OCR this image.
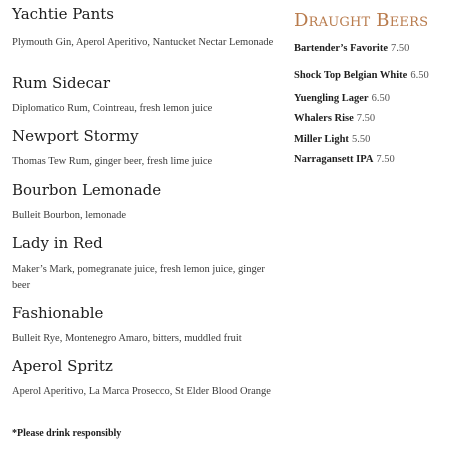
Yachtie Pants

Plymouth Gin, Aperol Aperitivo, Nantucket Nectar Lemonade

Rum Sidecar

Diplomatico Rum, Cointreau, fresh lemon juice

Newport Stormy

Thomas Tew Rum, ginger beer, fresh lime juice

Bourbon Lemonade

Bulleit Bourbon, lemonade

Lady in Red

Maker’s Mark, pomegranate juice, fresh lemon juice, ginger beer

Fashionable

Bulleit Rye, Montenegro Amaro, bitters, muddled fruit

Aperol Spritz

Aperol Aperitivo, La Marca Prosecco, St Elder Blood Orange

*Please drink responsibly
Draught Beers
Bartender’s Favorite 7.50
Shock Top Belgian White 6.50
Yuengling Lager 6.50
Whalers Rise 7.50
Miller Light 5.50
Narragansett IPA 7.50
